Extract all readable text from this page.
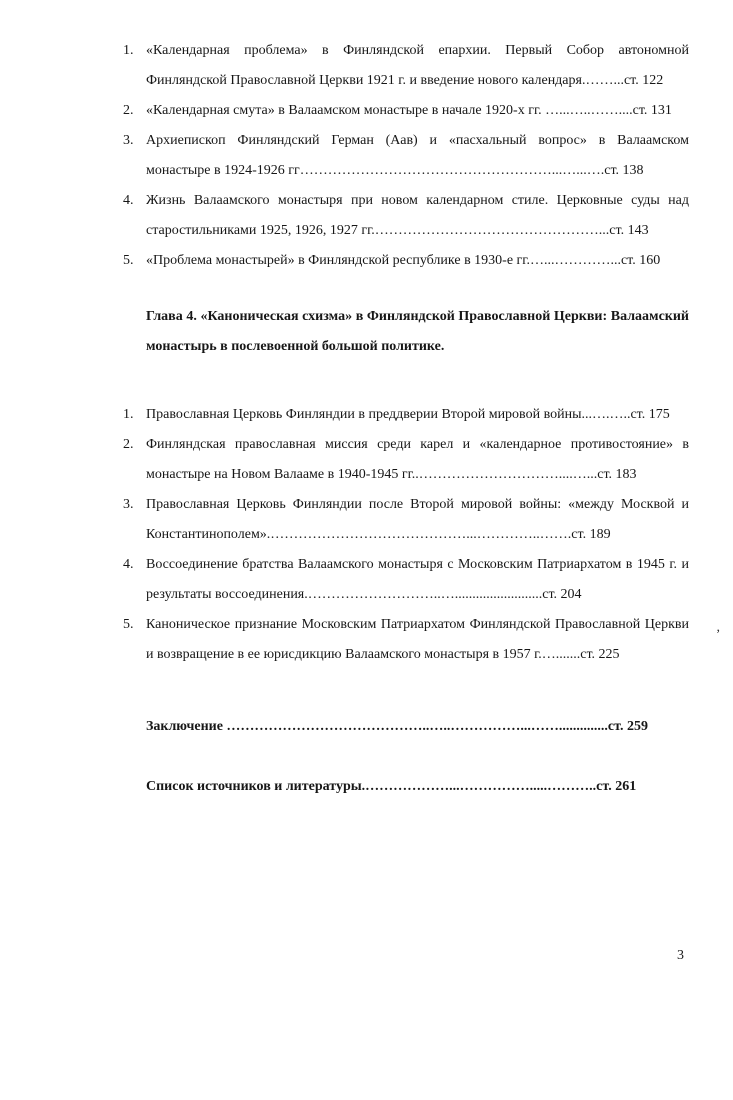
1. «Календарная проблема» в Финляндской епархии. Первый Собор автономной Финляндской Православной Церкви 1921 г. и введение нового календаря.……...ст. 122
2. «Календарная смута» в Валаамском монастыре в начале 1920-х гг. …...…..……....ст. 131
3. Архиепископ Финляндский Герман (Аав) и «пасхальный вопрос» в Валаамском монастыре в 1924-1926 гг………………………………………………...…...….ст. 138
4. Жизнь Валаамского монастыря при новом календарном стиле. Церковные суды над старостильниками 1925, 1926, 1927 гг.…………………………………………...ст. 143
5. «Проблема монастырей» в Финляндской республике в 1930-е гг.…...…………...ст. 160
Глава 4. «Каноническая схизма» в Финляндской Православной Церкви: Валаамский монастырь в послевоенной большой политике.
1. Православная Церковь Финляндии в преддверии Второй мировой войны...….…..ст. 175
2. Финляндская православная миссия среди карел и «календарное противостояние» в монастыре на Новом Валааме в 1940-1945 гг..…………………………....…...ст. 183
3. Православная Церковь Финляндии после Второй мировой войны: «между Москвой и Константинополем».……………………………………...…………..…….ст. 189
4. Воссоединение братства Валаамского монастыря с Московским Патриархатом в 1945 г. и результаты воссоединения.………………………..….........................ст. 204
5. Каноническое признание Московским Патриархатом Финляндской Православной Церкви и возвращение в ее юрисдикцию Валаамского монастыря в 1957 г.….......ст. 225

Заключение ……………………………………..…..……………...……..............ст. 259

Список источников и литературы.………………...…………….....………..ст. 261

,
3
